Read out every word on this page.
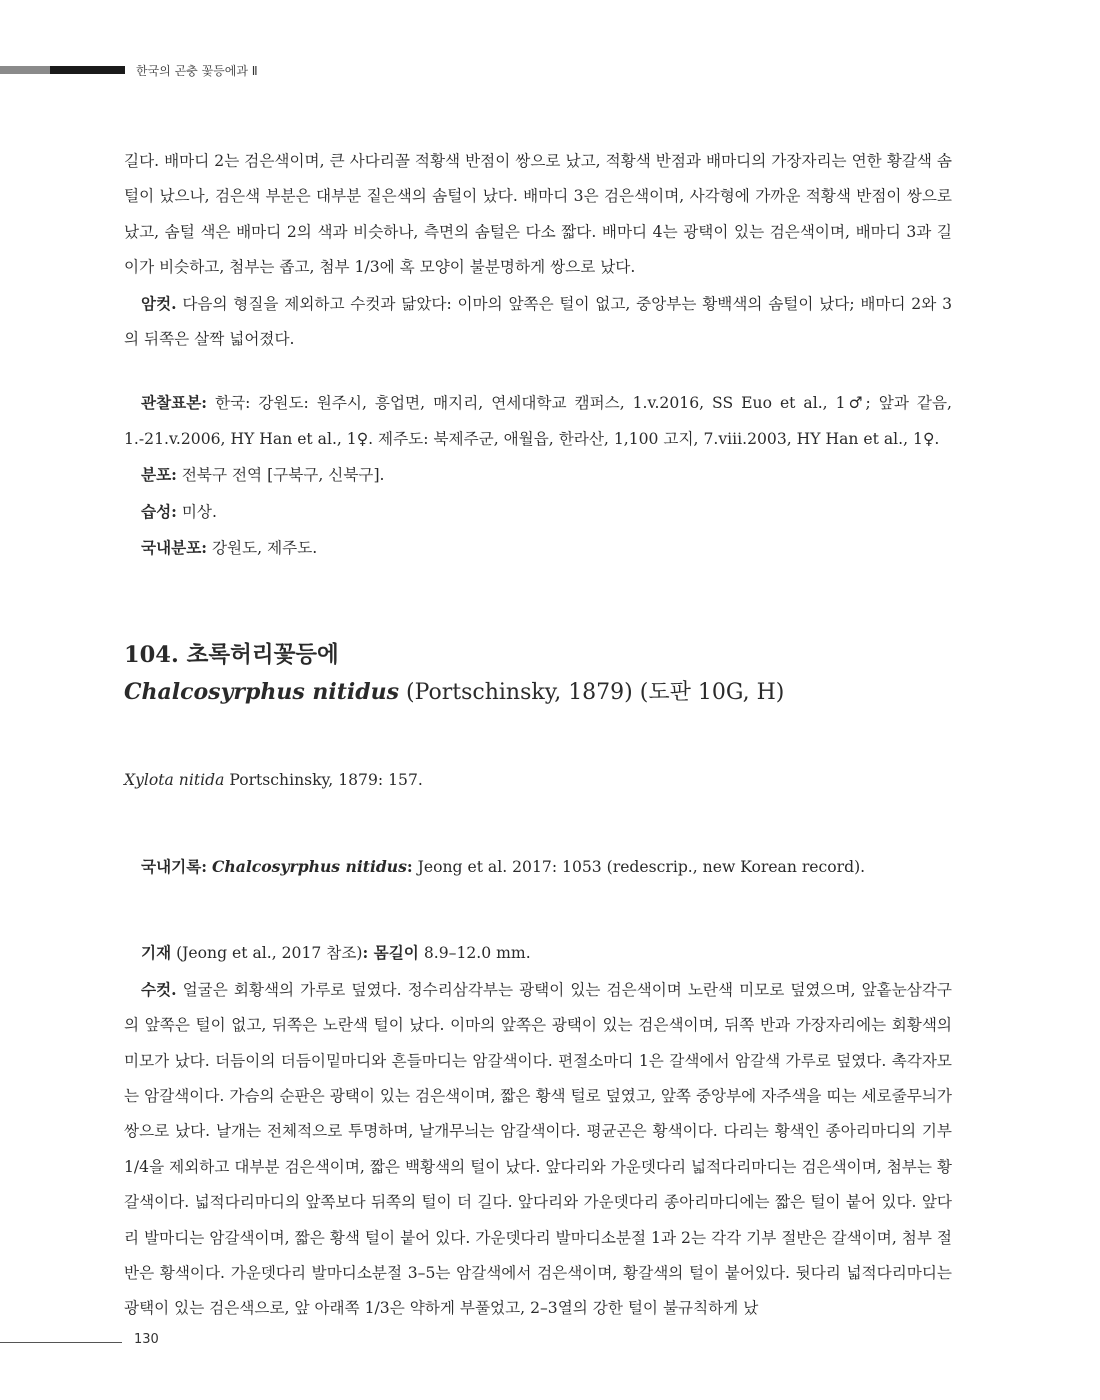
한국의 곤충 꽃등에과 Ⅱ

길다. 배마디 2는 검은색이며, 큰 사다리꼴 적황색 반점이 쌍으로 났고, 적황색 반점과 배마디의 가장자리는 연한 황갈색 솜털이 났으나, 검은색 부분은 대부분 짙은색의 솜털이 났다. 배마디 3은 검은색이며, 사각형에 가까운 적황색 반점이 쌍으로 났고, 솜털 색은 배마디 2의 색과 비슷하나, 측면의 솜털은 다소 짧다. 배마디 4는 광택이 있는 검은색이며, 배마디 3과 길이가 비슷하고, 첨부는 좁고, 첨부 1/3에 혹 모양이 불분명하게 쌍으로 났다.

암컷. 다음의 형질을 제외하고 수컷과 닮았다: 이마의 앞쪽은 털이 없고, 중앙부는 황백색의 솜털이 났다; 배마디 2와 3의 뒤쪽은 살짝 넓어졌다.

관찰표본: 한국: 강원도: 원주시, 흥업면, 매지리, 연세대학교 캠퍼스, 1.v.2016, SS Euo et al., 1♂; 앞과 같음, 1.-21.v.2006, HY Han et al., 1♀. 제주도: 북제주군, 애월읍, 한라산, 1,100 고지, 7.viii.2003, HY Han et al., 1♀.

분포: 전북구 전역 [구북구, 신북구].

습성: 미상.

국내분포: 강원도, 제주도.

104. 초록허리꽃등에

Chalcosyrphus nitidus (Portschinsky, 1879) (도판 10G, H)

Xylota nitida Portschinsky, 1879: 157.

국내기록: Chalcosyrphus nitidus: Jeong et al. 2017: 1053 (redescrip., new Korean record).

기재 (Jeong et al., 2017 참조): 몸길이 8.9–12.0 mm.

수컷. 얼굴은 회황색의 가루로 덮였다. 정수리삼각부는 광택이 있는 검은색이며 노란색 미모로 덮였으며, 앞홑눈삼각구의 앞쪽은 털이 없고, 뒤쪽은 노란색 털이 났다. 이마의 앞쪽은 광택이 있는 검은색이며, 뒤쪽 반과 가장자리에는 회황색의 미모가 났다. 더듬이의 더듬이밑마디와 흔들마디는 암갈색이다. 편절소마디 1은 갈색에서 암갈색 가루로 덮였다. 촉각자모는 암갈색이다. 가슴의 순판은 광택이 있는 검은색이며, 짧은 황색 털로 덮였고, 앞쪽 중앙부에 자주색을 띠는 세로줄무늬가 쌍으로 났다. 날개는 전체적으로 투명하며, 날개무늬는 암갈색이다. 평균곤은 황색이다. 다리는 황색인 종아리마디의 기부 1/4을 제외하고 대부분 검은색이며, 짧은 백황색의 털이 났다. 앞다리와 가운뎃다리 넓적다리마디는 검은색이며, 첨부는 황갈색이다. 넓적다리마디의 앞쪽보다 뒤쪽의 털이 더 길다. 앞다리와 가운뎃다리 종아리마디에는 짧은 털이 붙어 있다. 앞다리 발마디는 암갈색이며, 짧은 황색 털이 붙어 있다. 가운뎃다리 발마디소분절 1과 2는 각각 기부 절반은 갈색이며, 첨부 절반은 황색이다. 가운뎃다리 발마디소분절 3–5는 암갈색에서 검은색이며, 황갈색의 털이 붙어있다. 뒷다리 넓적다리마디는 광택이 있는 검은색으로, 앞 아래쪽 1/3은 약하게 부풀었고, 2–3열의 강한 털이 불규칙하게 났

130
